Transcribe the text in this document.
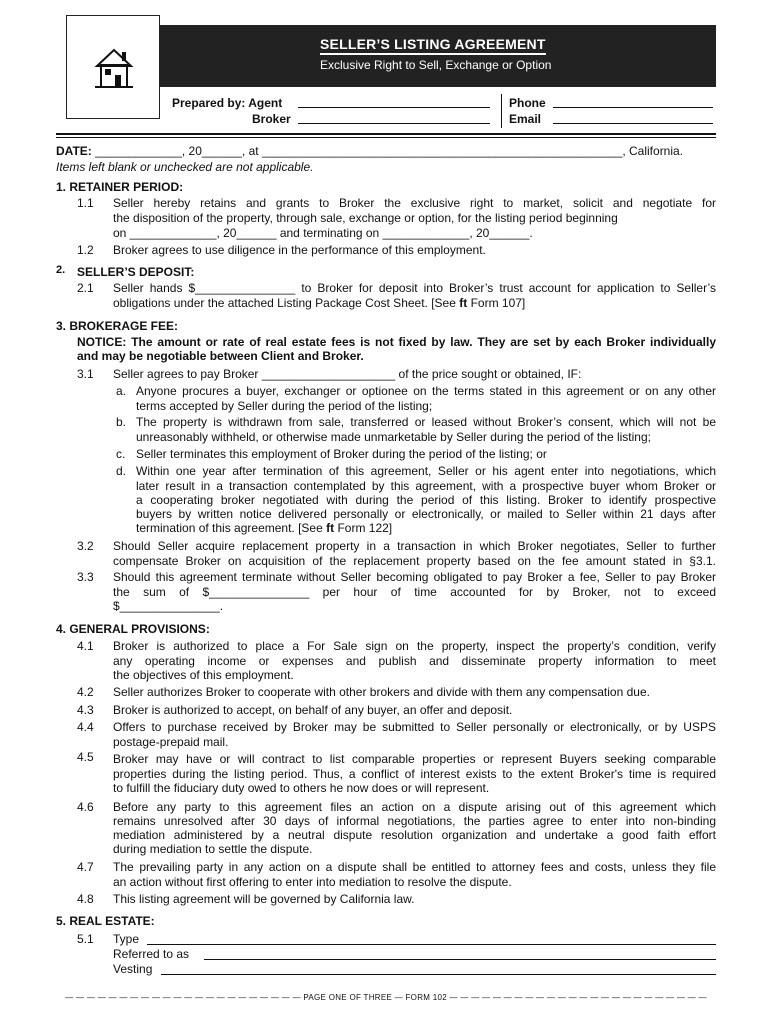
SELLER’S LISTING AGREEMENT
Exclusive Right to Sell, Exchange or Option
Prepared by: Agent
Broker
Phone
Email
DATE: _____________, 20______, at ______________________________________________________, California.
Items left blank or unchecked are not applicable.
1. RETAINER PERIOD:
1.1 Seller hereby retains and grants to Broker the exclusive right to market, solicit and negotiate for
the disposition of the property, through sale, exchange or option, for the listing period beginning
on _____________, 20______ and terminating on _____________, 20______.
1.2 Broker agrees to use diligence in the performance of this employment.
2. SELLER’S DEPOSIT:
2.1 Seller hands $_______________ to Broker for deposit into Broker’s trust account for application to Seller’s
obligations under the attached Listing Package Cost Sheet. [See ft Form 107]
3. BROKERAGE FEE:
NOTICE: The amount or rate of real estate fees is not fixed by law. They are set by each Broker individually
and may be negotiable between Client and Broker.
3.1 Seller agrees to pay Broker ____________________ of the price sought or obtained, IF:
a. Anyone procures a buyer, exchanger or optionee on the terms stated in this agreement or on any other
terms accepted by Seller during the period of the listing;
b. The property is withdrawn from sale, transferred or leased without Broker’s consent, which will not be
unreasonably withheld, or otherwise made unmarketable by Seller during the period of the listing;
c. Seller terminates this employment of Broker during the period of the listing; or
d. Within one year after termination of this agreement, Seller or his agent enter into negotiations, which
later result in a transaction contemplated by this agreement, with a prospective buyer whom Broker or
a cooperating broker negotiated with during the period of this listing. Broker to identify prospective
buyers by written notice delivered personally or electronically, or mailed to Seller within 21 days after
termination of this agreement. [See ft Form 122]
3.2 Should Seller acquire replacement property in a transaction in which Broker negotiates, Seller to further
compensate Broker on acquisition of the replacement property based on the fee amount stated in §3.1.
3.3 Should this agreement terminate without Seller becoming obligated to pay Broker a fee, Seller to pay Broker
the sum of $_______________ per hour of time accounted for by Broker, not to exceed
$_______________.
4. GENERAL PROVISIONS:
4.1 Broker is authorized to place a For Sale sign on the property, inspect the property’s condition, verify
any operating income or expenses and publish and disseminate property information to meet
the objectives of this employment.
4.2 Seller authorizes Broker to cooperate with other brokers and divide with them any compensation due.
4.3 Broker is authorized to accept, on behalf of any buyer, an offer and deposit.
4.4 Offers to purchase received by Broker may be submitted to Seller personally or electronically, or by USPS
postage-prepaid mail.
4.5 Broker may have or will contract to list comparable properties or represent Buyers seeking comparable
properties during the listing period. Thus, a conflict of interest exists to the extent Broker's time is required
to fulfill the fiduciary duty owed to others he now does or will represent.
4.6 Before any party to this agreement files an action on a dispute arising out of this agreement which
remains unresolved after 30 days of informal negotiations, the parties agree to enter into non-binding
mediation administered by a neutral dispute resolution organization and undertake a good faith effort
during mediation to settle the dispute.
4.7 The prevailing party in any action on a dispute shall be entitled to attorney fees and costs, unless they file
an action without first offering to enter into mediation to resolve the dispute.
4.8 This listing agreement will be governed by California law.
5. REAL ESTATE:
5.1 Type
Referred to as
Vesting
— — — — — — — — — — — — — — — — — — — — — — PAGE ONE OF THREE — FORM 102 — — — — — — — — — — — — — — — — — — — — — — — —
